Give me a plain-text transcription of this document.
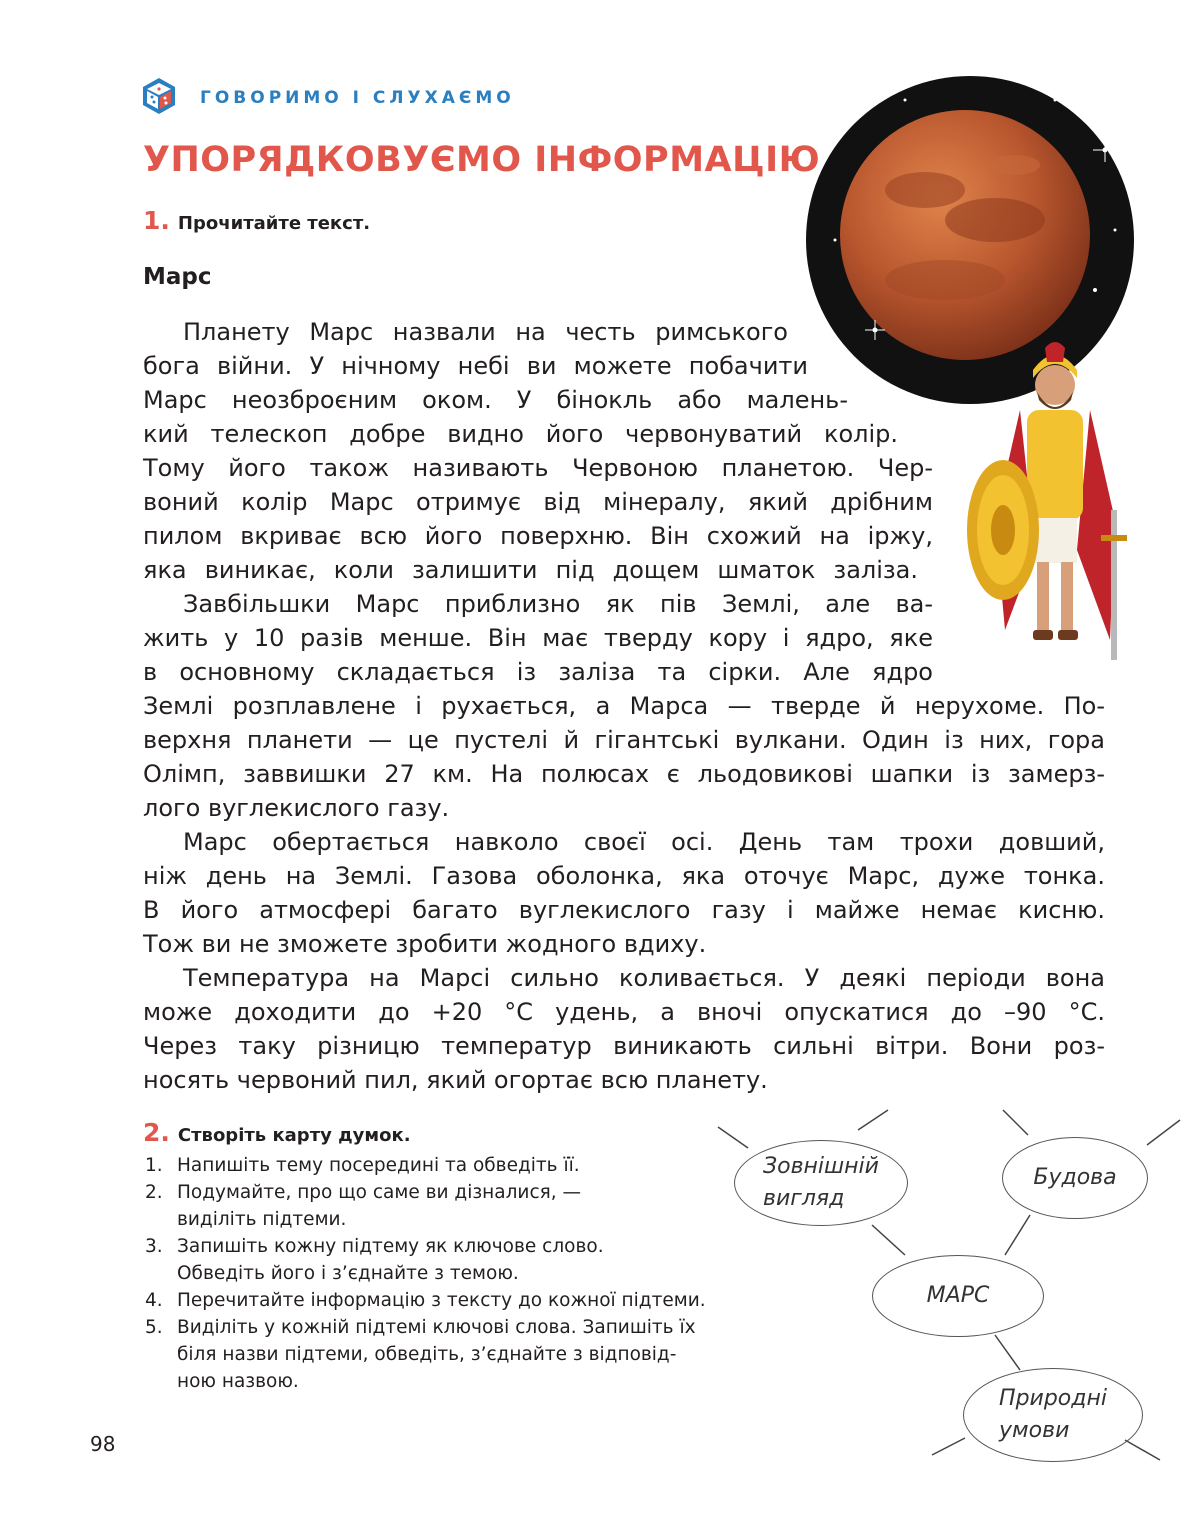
ГОВОРИМО І СЛУХАЄМО
УПОРЯДКОВУЄМО ІНФОРМАЦІЮ
1. Прочитайте текст.
Марс
Планету Марс назвали на честь римського
бога війни. У нічному небі ви можете побачити
Марс неозброєним оком. У бінокль або малень-
кий телескоп добре видно його червонуватий колір.
Тому його також називають Червоною планетою. Чер-
воний колір Марс отримує від мінералу, який дрібним
пилом вкриває всю його поверхню. Він схожий на іржу,
яка виникає, коли залишити під дощем шматок заліза.
Завбільшки Марс приблизно як пів Землі, але ва-
жить у 10 разів менше. Він має тверду кору і ядро, яке
в основному складається із заліза та сірки. Але ядро
Землі розплавлене і рухається, а Марса — тверде й нерухоме. По-
верхня планети — це пустелі й гігантські вулкани. Один із них, гора
Олімп, заввишки 27 км. На полюсах є льодовикові шапки із замерз-
лого вуглекислого газу.
Марс обертається навколо своєї осі. День там трохи довший,
ніж день на Землі. Газова оболонка, яка оточує Марс, дуже тонка.
В його атмосфері багато вуглекислого газу і майже немає кисню.
Тож ви не зможете зробити жодного вдиху.
Температура на Марсі сильно коливається. У деякі періоди вона
може доходити до +20 °С удень, а вночі опускатися до –90 °С.
Через таку різницю температур виникають сильні вітри. Вони роз-
носять червоний пил, який огортає всю планету.
2. Створіть карту думок.
1. Напишіть тему посередині та обведіть її.
2. Подумайте, про що саме ви дізналися, —
виділіть підтеми.
3. Запишіть кожну підтему як ключове слово.
Обведіть його і з’єднайте з темою.
4. Перечитайте інформацію з тексту до кожної підтеми.
5. Виділіть у кожній підтемі ключові слова. Запишіть їх
біля назви підтеми, обведіть, з’єднайте з відповід-
ною назвою.
Зовнішній
вигляд
Будова
МАРС
Природні
умови
98
